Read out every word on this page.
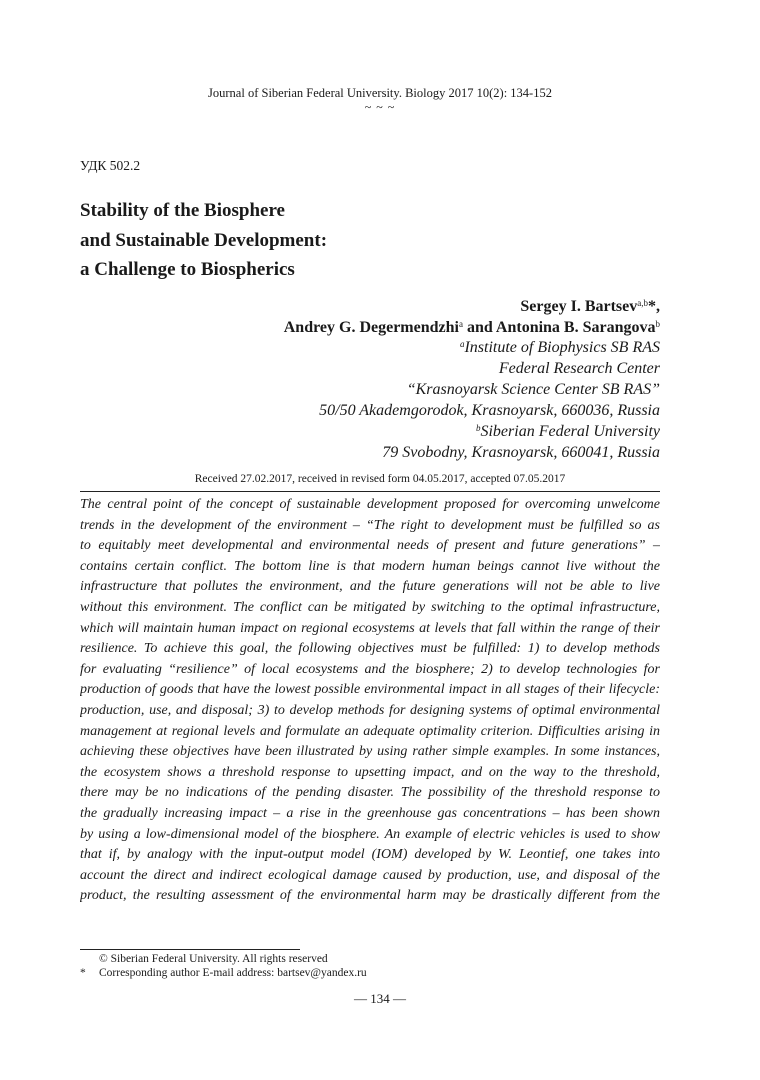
Journal of Siberian Federal University. Biology 2017 10(2): 134-152
~ ~ ~
УДК 502.2
Stability of the Biosphere
and Sustainable Development:
a Challenge to Biospherics
Sergey I. Bartsev$^{a,b}$*,
Andrey G. Degermendzhi$^a$ and Antonina B. Sarangova$^b$
$^a$Institute of Biophysics SB RAS
Federal Research Center
“Krasnoyarsk Science Center SB RAS”
50/50 Akademgorodok, Krasnoyarsk, 660036, Russia
$^b$Siberian Federal University
79 Svobodny, Krasnoyarsk, 660041, Russia
Received 27.02.2017, received in revised form 04.05.2017, accepted 07.05.2017
The central point of the concept of sustainable development proposed for overcoming unwelcome
trends in the development of the environment – “The right to development must be fulfilled so as
to equitably meet developmental and environmental needs of present and future generations” –
contains certain conflict. The bottom line is that modern human beings cannot live without the
infrastructure that pollutes the environment, and the future generations will not be able to live
without this environment. The conflict can be mitigated by switching to the optimal infrastructure,
which will maintain human impact on regional ecosystems at levels that fall within the range of their
resilience. To achieve this goal, the following objectives must be fulfilled: 1) to develop methods
for evaluating “resilience” of local ecosystems and the biosphere; 2) to develop technologies for
production of goods that have the lowest possible environmental impact in all stages of their lifecycle:
production, use, and disposal; 3) to develop methods for designing systems of optimal environmental
management at regional levels and formulate an adequate optimality criterion. Difficulties arising in
achieving these objectives have been illustrated by using rather simple examples. In some instances,
the ecosystem shows a threshold response to upsetting impact, and on the way to the threshold,
there may be no indications of the pending disaster. The possibility of the threshold response to
the gradually increasing impact – a rise in the greenhouse gas concentrations – has been shown
by using a low-dimensional model of the biosphere. An example of electric vehicles is used to show
that if, by analogy with the input-output model (IOM) developed by W. Leontief, one takes into
account the direct and indirect ecological damage caused by production, use, and disposal of the
product, the resulting assessment of the environmental harm may be drastically different from the
© Siberian Federal University. All rights reserved
* Corresponding author E-mail address: bartsev@yandex.ru
— 134 —
